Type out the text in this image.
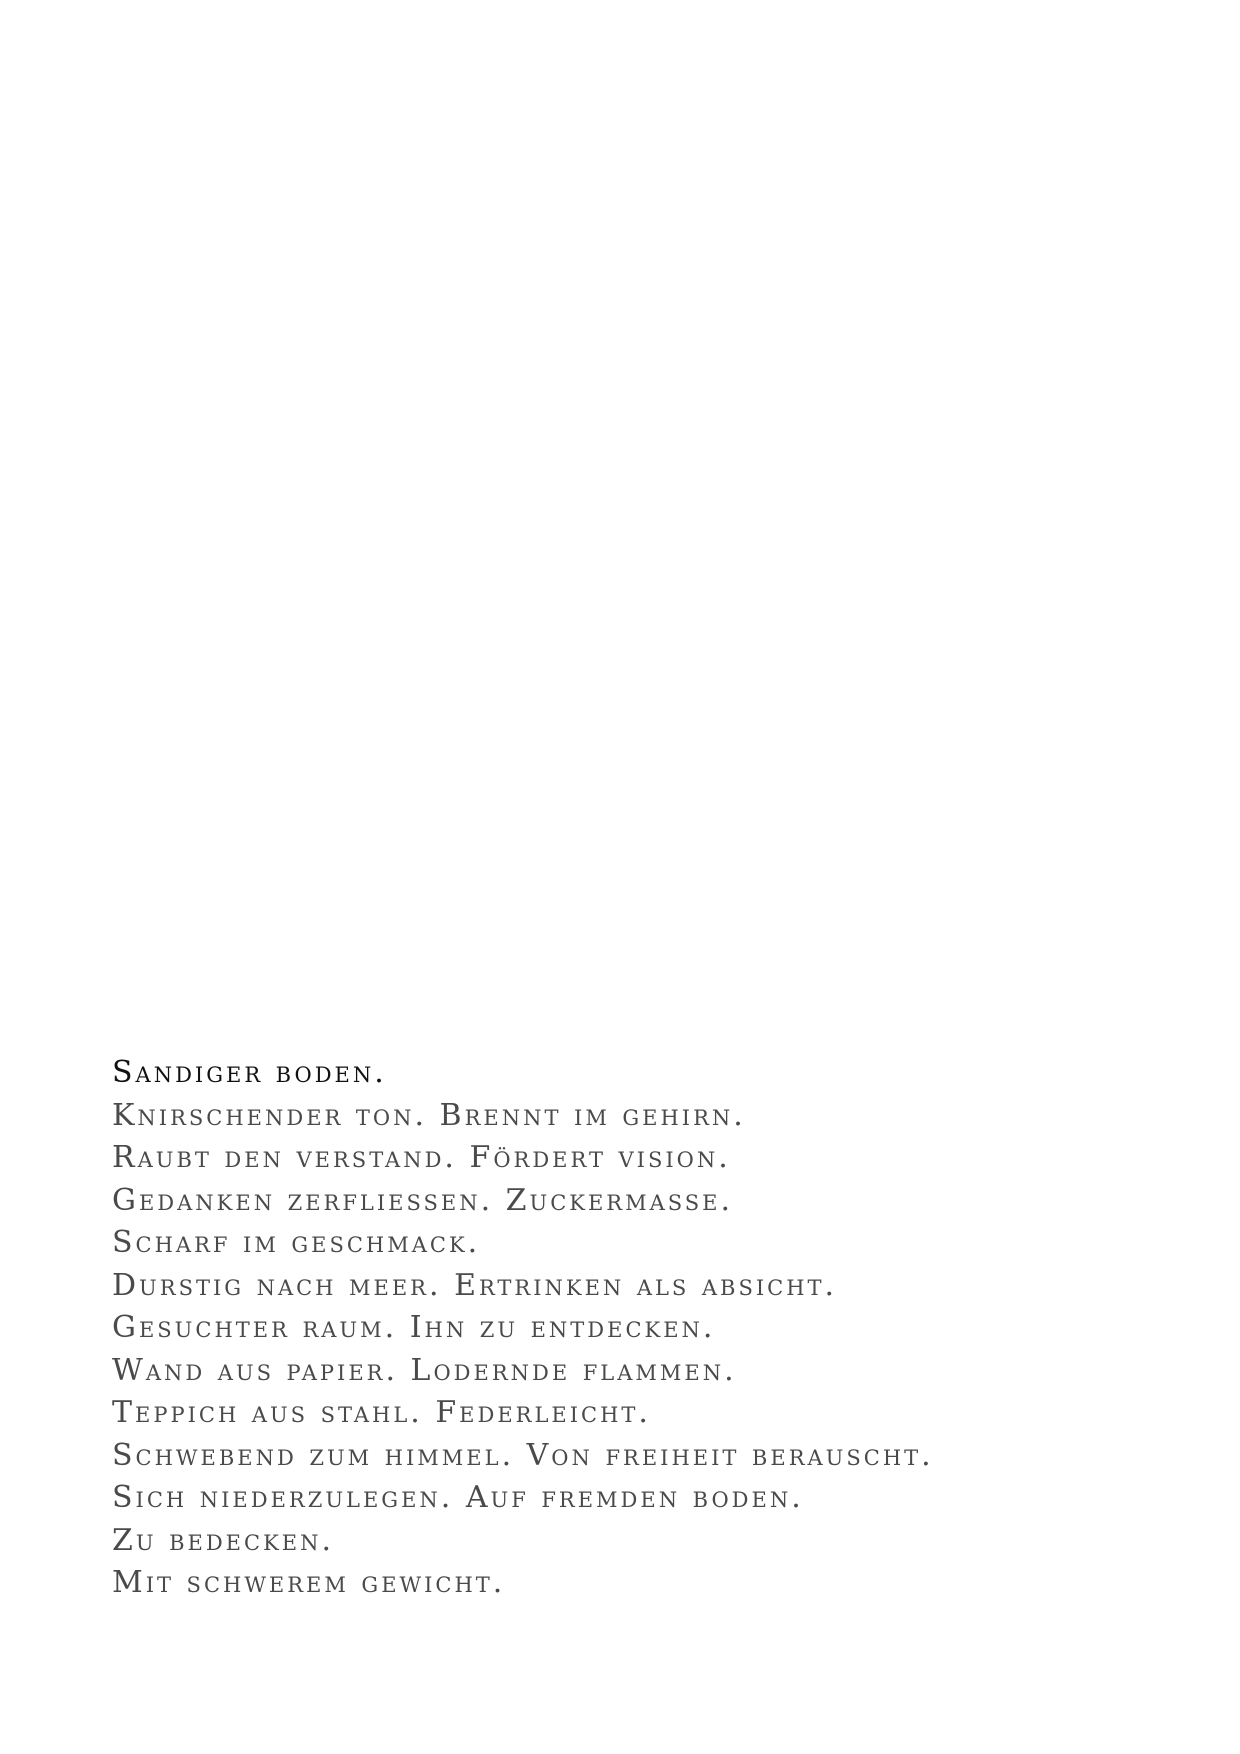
Sandiger boden.
Knirschender ton. Brennt im gehirn.
Raubt den verstand. Fördert vision.
Gedanken zerfliessen. Zuckermasse.
Scharf im geschmack.
Durstig nach meer. Ertrinken als absicht.
Gesuchter raum. Ihn zu entdecken.
Wand aus papier. Lodernde flammen.
Teppich aus stahl. Federleicht.
Schwebend zum himmel. Von freiheit berauscht.
Sich niederzulegen. Auf fremden boden.
Zu bedecken.
Mit schwerem gewicht.
